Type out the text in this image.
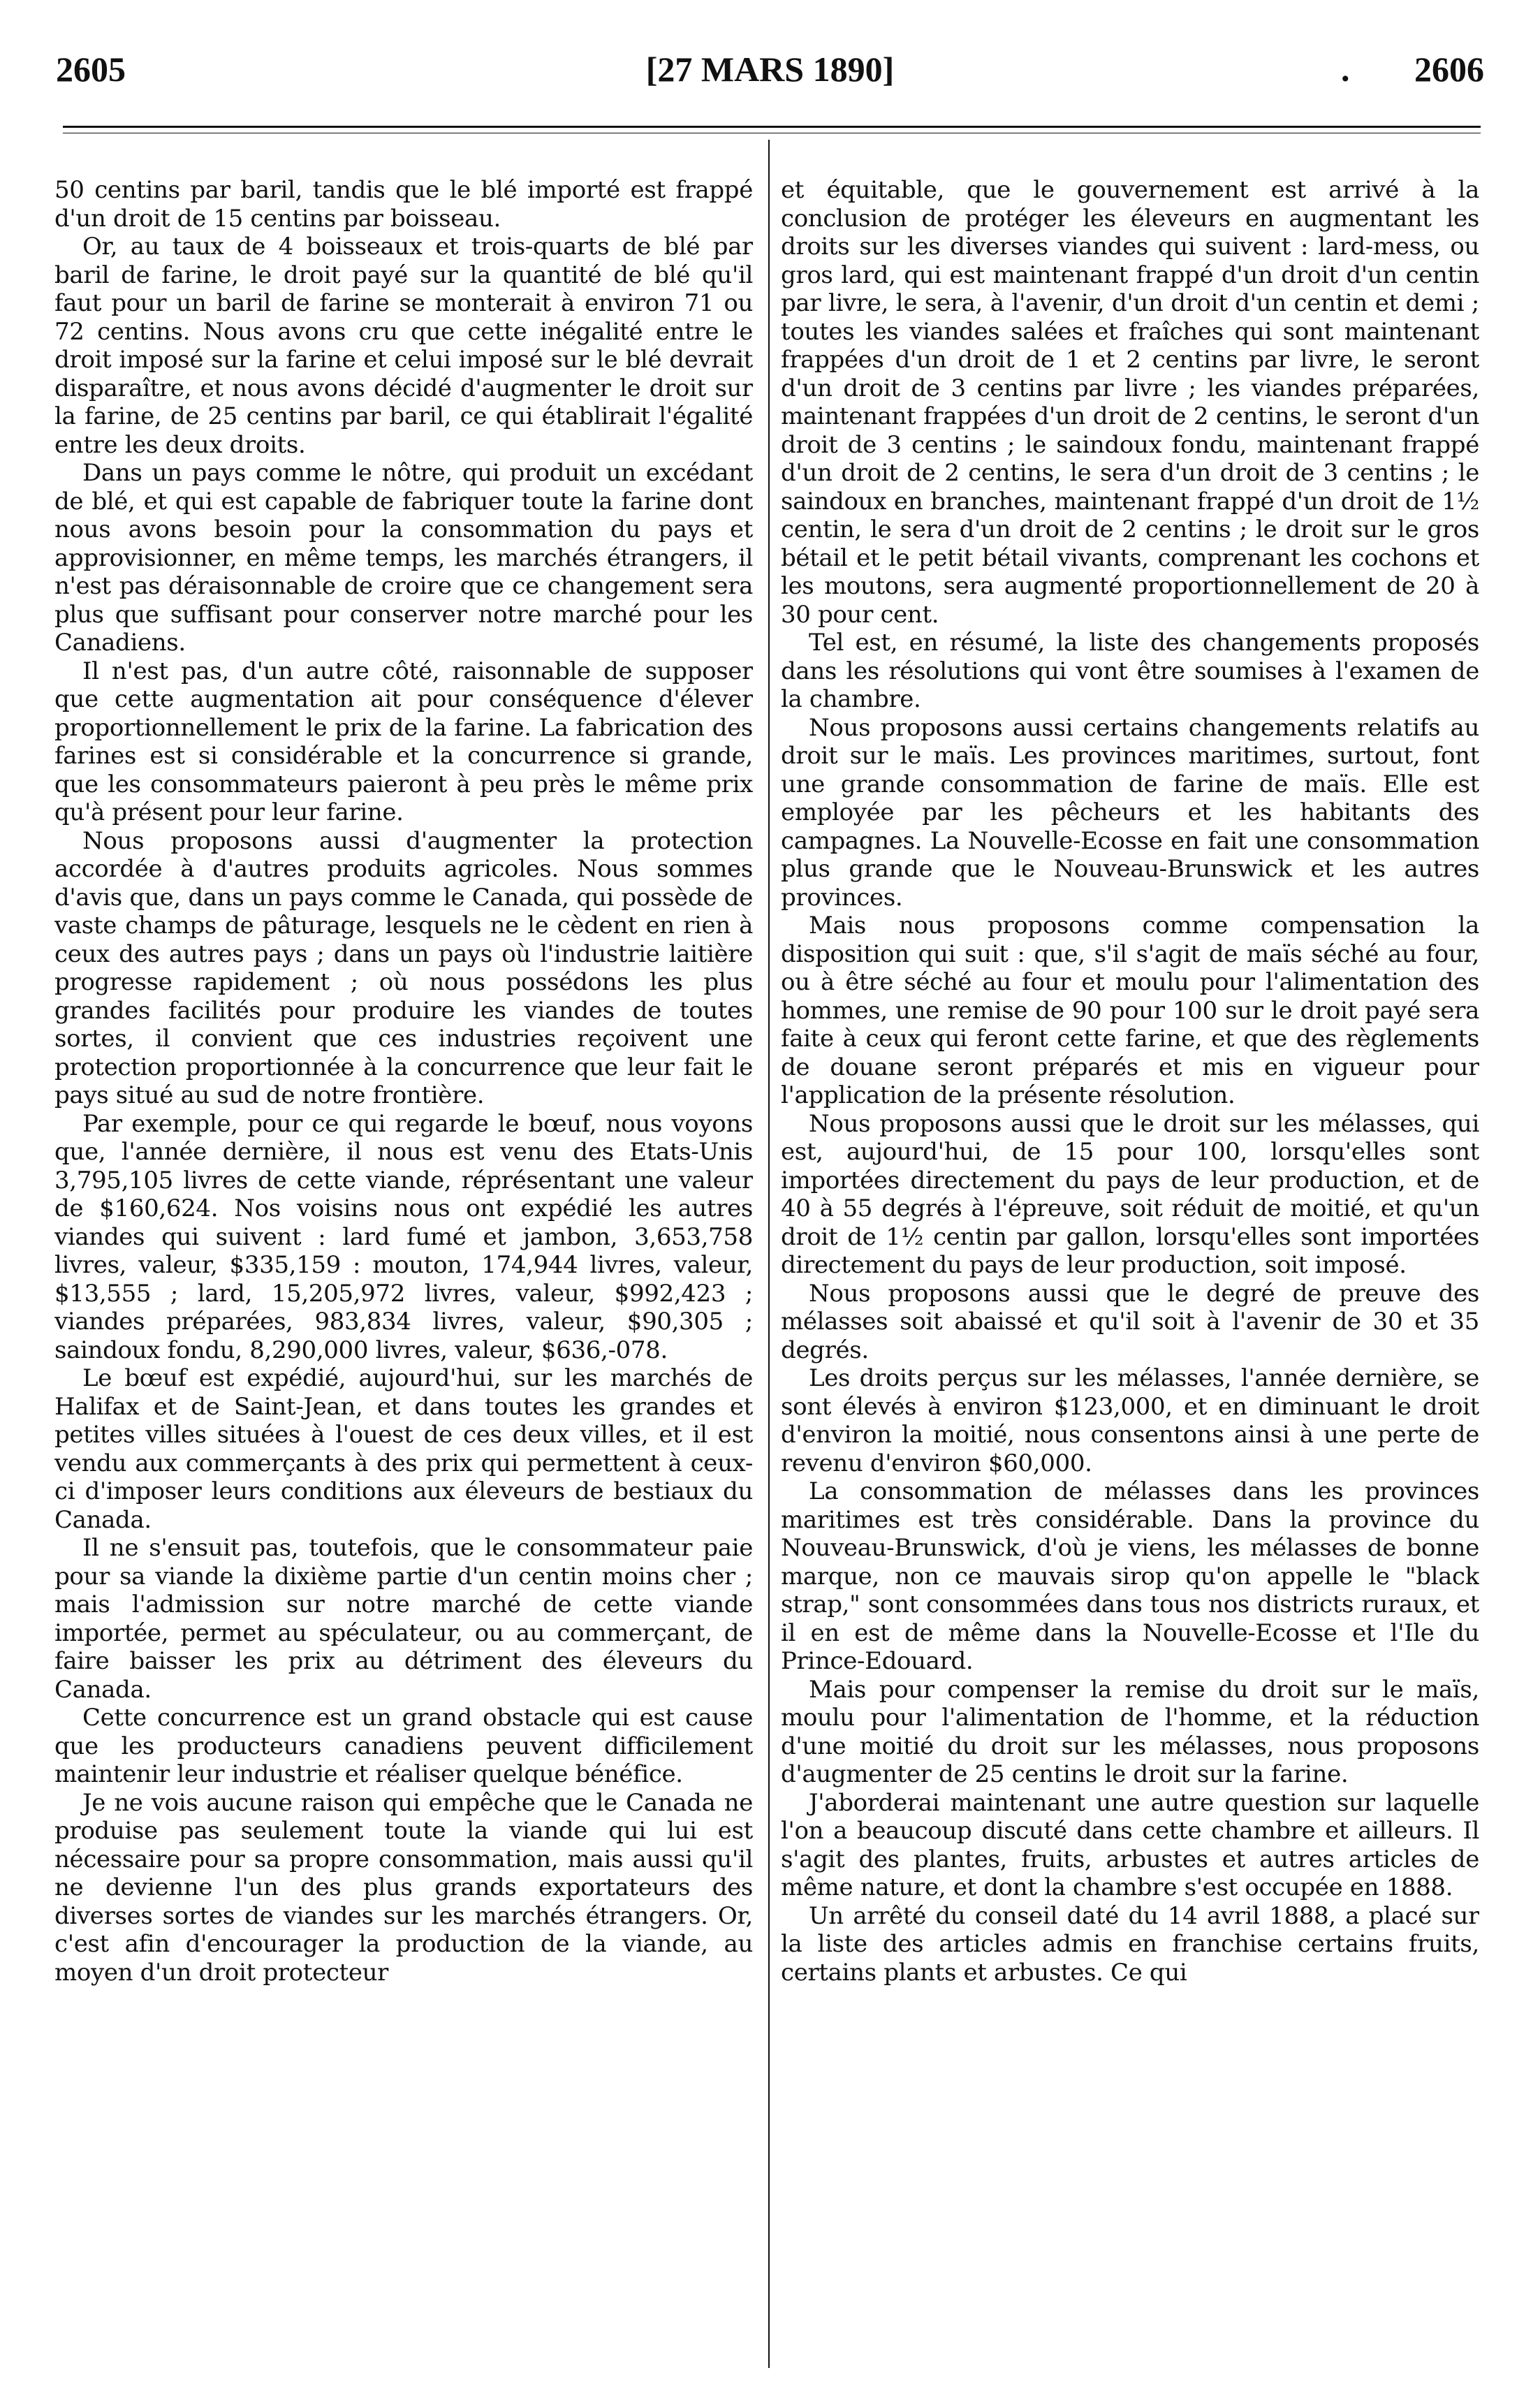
2605	[27 MARS 1890]	. 2606

50 centins par baril, tandis que le blé importé est frappé d'un droit de 15 centins par boisseau.

Or, au taux de 4 boisseaux et trois-quarts de blé par baril de farine, le droit payé sur la quantité de blé qu'il faut pour un baril de farine se monterait à environ 71 ou 72 centins. Nous avons cru que cette inégalité entre le droit imposé sur la farine et celui imposé sur le blé devrait disparaître, et nous avons décidé d'augmenter le droit sur la farine, de 25 centins par baril, ce qui établirait l'égalité entre les deux droits.

Dans un pays comme le nôtre, qui produit un excédant de blé, et qui est capable de fabriquer toute la farine dont nous avons besoin pour la consommation du pays et approvisionner, en même temps, les marchés étrangers, il n'est pas déraisonnable de croire que ce changement sera plus que suffisant pour conserver notre marché pour les Canadiens.

Il n'est pas, d'un autre côté, raisonnable de supposer que cette augmentation ait pour conséquence d'élever proportionnellement le prix de la farine. La fabrication des farines est si considérable et la concurrence si grande, que les consommateurs paieront à peu près le même prix qu'à présent pour leur farine.

Nous proposons aussi d'augmenter la protection accordée à d'autres produits agricoles. Nous sommes d'avis que, dans un pays comme le Canada, qui possède de vaste champs de pâturage, lesquels ne le cèdent en rien à ceux des autres pays ; dans un pays où l'industrie laitière progresse rapidement ; où nous possédons les plus grandes facilités pour produire les viandes de toutes sortes, il convient que ces industries reçoivent une protection proportionnée à la concurrence que leur fait le pays situé au sud de notre frontière.

Par exemple, pour ce qui regarde le bœuf, nous voyons que, l'année dernière, il nous est venu des Etats-Unis 3,795,105 livres de cette viande, réprésentant une valeur de $160,624. Nos voisins nous ont expédié les autres viandes qui suivent : lard fumé et jambon, 3,653,758 livres, valeur, $335,159 : mouton, 174,944 livres, valeur, $13,555 ; lard, 15,205,972 livres, valeur, $992,423 ; viandes préparées, 983,834 livres, valeur, $90,305 ; saindoux fondu, 8,290,000 livres, valeur, $636,-078.

Le bœuf est expédié, aujourd'hui, sur les marchés de Halifax et de Saint-Jean, et dans toutes les grandes et petites villes situées à l'ouest de ces deux villes, et il est vendu aux commerçants à des prix qui permettent à ceux-ci d'imposer leurs conditions aux éleveurs de bestiaux du Canada.

Il ne s'ensuit pas, toutefois, que le consommateur paie pour sa viande la dixième partie d'un centin moins cher ; mais l'admission sur notre marché de cette viande importée, permet au spéculateur, ou au commerçant, de faire baisser les prix au détriment des éleveurs du Canada.

Cette concurrence est un grand obstacle qui est cause que les producteurs canadiens peuvent difficilement maintenir leur industrie et réaliser quelque bénéfice.

Je ne vois aucune raison qui empêche que le Canada ne produise pas seulement toute la viande qui lui est nécessaire pour sa propre consommation, mais aussi qu'il ne devienne l'un des plus grands exportateurs des diverses sortes de viandes sur les marchés étrangers. Or, c'est afin d'encourager la production de la viande, au moyen d'un droit protecteur

et équitable, que le gouvernement est arrivé à la conclusion de protéger les éleveurs en augmentant les droits sur les diverses viandes qui suivent : lard-mess, ou gros lard, qui est maintenant frappé d'un droit d'un centin par livre, le sera, à l'avenir, d'un droit d'un centin et demi ; toutes les viandes salées et fraîches qui sont maintenant frappées d'un droit de 1 et 2 centins par livre, le seront d'un droit de 3 centins par livre ; les viandes préparées, maintenant frappées d'un droit de 2 centins, le seront d'un droit de 3 centins ; le saindoux fondu, maintenant frappé d'un droit de 2 centins, le sera d'un droit de 3 centins ; le saindoux en branches, maintenant frappé d'un droit de 1½ centin, le sera d'un droit de 2 centins ; le droit sur le gros bétail et le petit bétail vivants, comprenant les cochons et les moutons, sera augmenté proportionnellement de 20 à 30 pour cent.

Tel est, en résumé, la liste des changements proposés dans les résolutions qui vont être soumises à l'examen de la chambre.

Nous proposons aussi certains changements relatifs au droit sur le maïs. Les provinces maritimes, surtout, font une grande consommation de farine de maïs. Elle est employée par les pêcheurs et les habitants des campagnes. La Nouvelle-Ecosse en fait une consommation plus grande que le Nouveau-Brunswick et les autres provinces.

Mais nous proposons comme compensation la disposition qui suit : que, s'il s'agit de maïs séché au four, ou à être séché au four et moulu pour l'alimentation des hommes, une remise de 90 pour 100 sur le droit payé sera faite à ceux qui feront cette farine, et que des règlements de douane seront préparés et mis en vigueur pour l'application de la présente résolution.

Nous proposons aussi que le droit sur les mélasses, qui est, aujourd'hui, de 15 pour 100, lorsqu'elles sont importées directement du pays de leur production, et de 40 à 55 degrés à l'épreuve, soit réduit de moitié, et qu'un droit de 1½ centin par gallon, lorsqu'elles sont importées directement du pays de leur production, soit imposé.

Nous proposons aussi que le degré de preuve des mélasses soit abaissé et qu'il soit à l'avenir de 30 et 35 degrés.

Les droits perçus sur les mélasses, l'année dernière, se sont élevés à environ $123,000, et en diminuant le droit d'environ la moitié, nous consentons ainsi à une perte de revenu d'environ $60,000.

La consommation de mélasses dans les provinces maritimes est très considérable. Dans la province du Nouveau-Brunswick, d'où je viens, les mélasses de bonne marque, non ce mauvais sirop qu'on appelle le "black strap," sont consommées dans tous nos districts ruraux, et il en est de même dans la Nouvelle-Ecosse et l'Ile du Prince-Edouard.

Mais pour compenser la remise du droit sur le maïs, moulu pour l'alimentation de l'homme, et la réduction d'une moitié du droit sur les mélasses, nous proposons d'augmenter de 25 centins le droit sur la farine.

J'aborderai maintenant une autre question sur laquelle l'on a beaucoup discuté dans cette chambre et ailleurs. Il s'agit des plantes, fruits, arbustes et autres articles de même nature, et dont la chambre s'est occupée en 1888.

Un arrêté du conseil daté du 14 avril 1888, a placé sur la liste des articles admis en franchise certains fruits, certains plants et arbustes. Ce qui
